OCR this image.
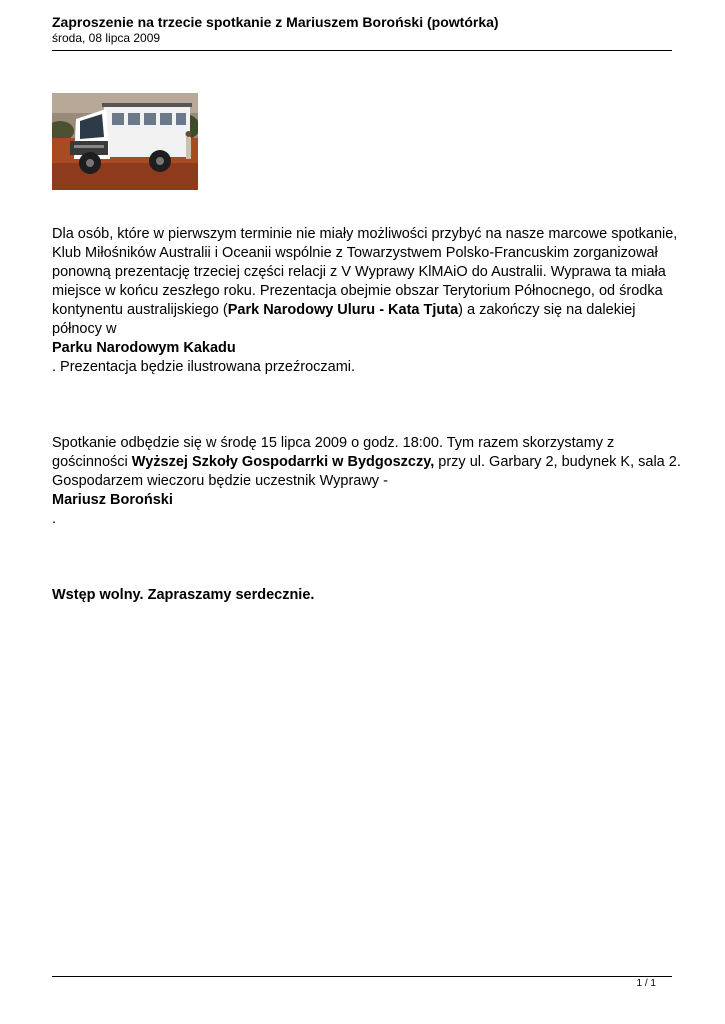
Zaproszenie na trzecie spotkanie z Mariuszem Boroński (powtórka)

środa, 08 lipca 2009

Dla osób, które w pierwszym terminie nie miały możliwości przybyć na nasze marcowe spotkanie, Klub Miłośników Australii i Oceanii wspólnie z Towarzystwem Polsko-Francuskim zorganizował ponowną prezentację trzeciej części relacji z V Wyprawy KlMAiO do Australii. Wyprawa ta miała miejsce w końcu zeszłego roku. Prezentacja obejmie obszar Terytorium Północnego, od środka kontynentu australijskiego (Park Narodowy Uluru - Kata Tjuta) a zakończy się na dalekiej północy w

Parku Narodowym Kakadu

. Prezentacja będzie ilustrowana przeźroczami.

Spotkanie odbędzie się w środę 15 lipca 2009 o godz. 18:00. Tym razem skorzystamy z gościnności Wyższej Szkoły Gospodarrki w Bydgoszczy, przy ul. Garbary 2, budynek K, sala 2. Gospodarzem wieczoru będzie uczestnik Wyprawy -

Mariusz Boroński

.

Wstęp wolny. Zapraszamy serdecznie.

1 / 1
